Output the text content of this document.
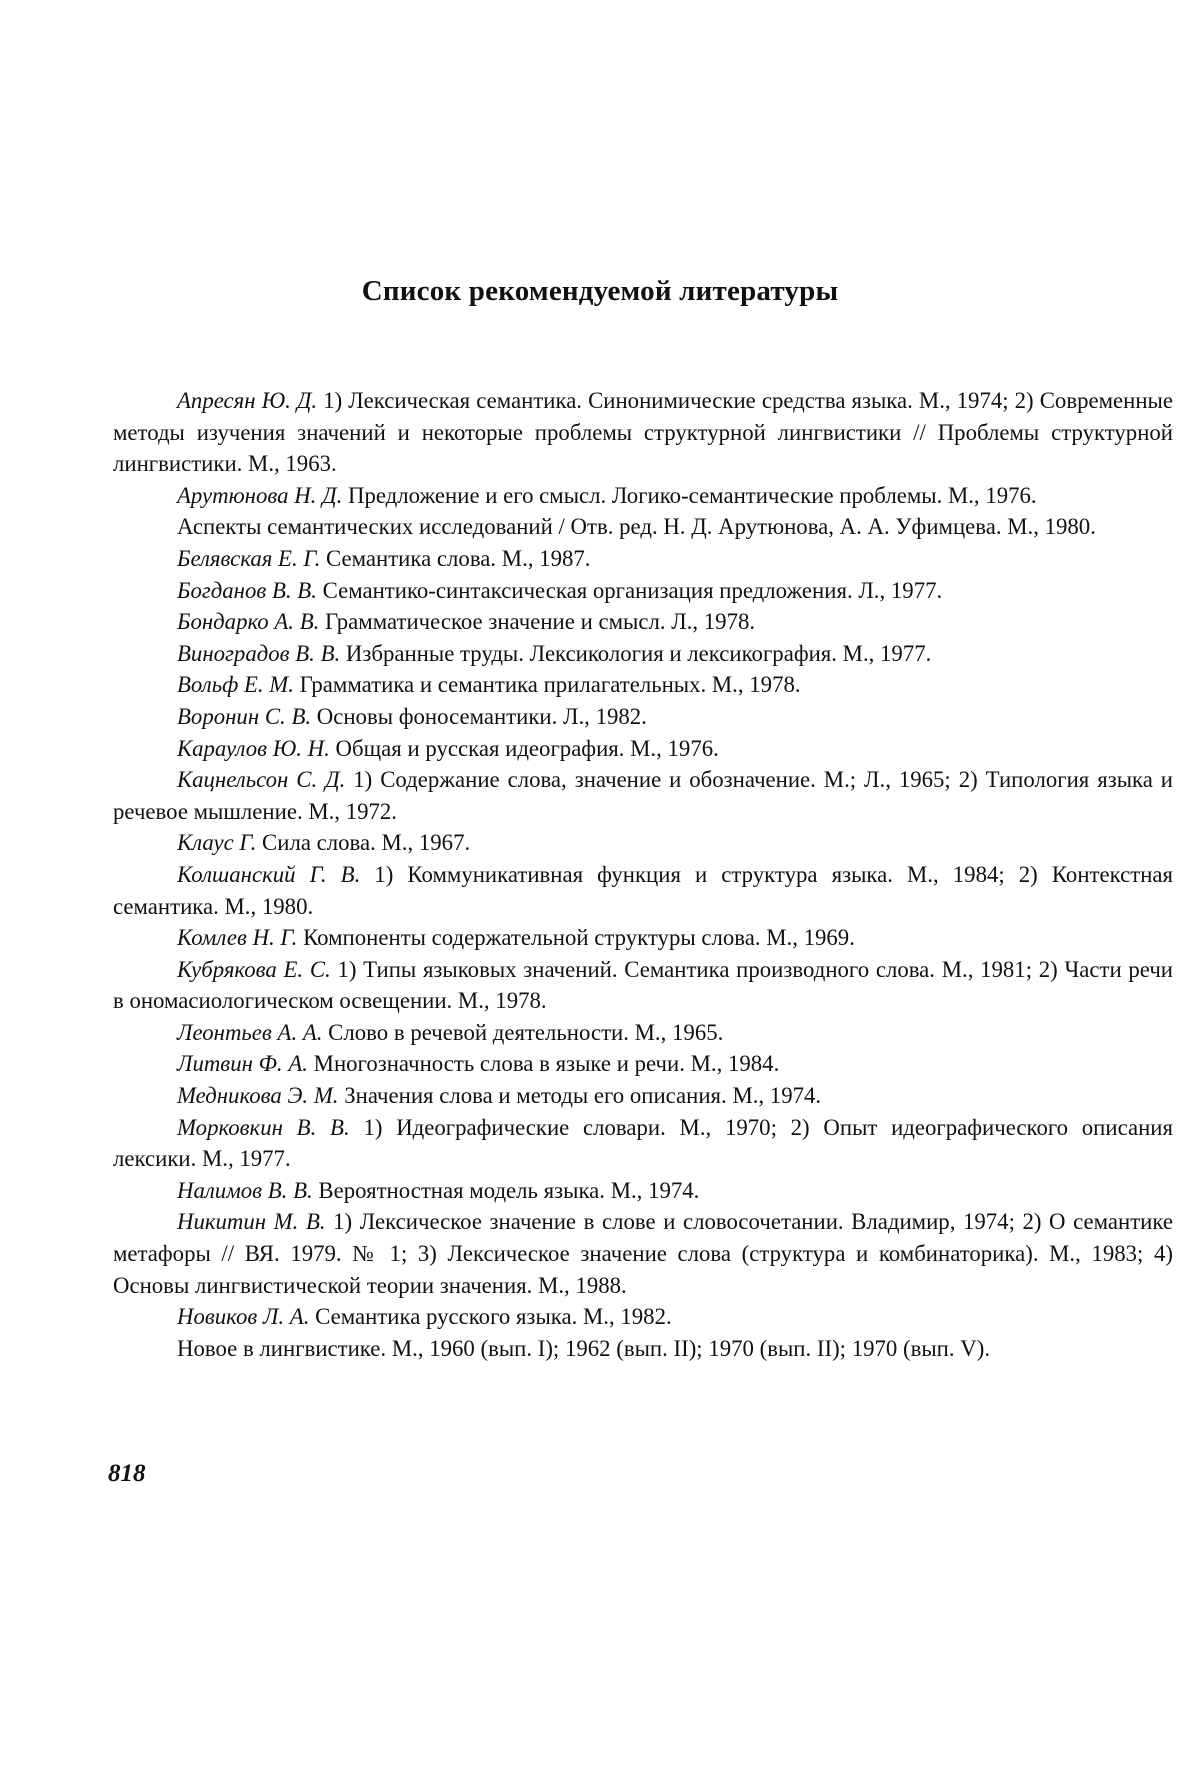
Список рекомендуемой литературы

Апресян Ю. Д. 1) Лексическая семантика. Синонимические средства языка. М., 1974; 2) Современные методы изучения значений и некоторые проблемы структурной лингвистики // Проблемы структурной лингвистики. М., 1963.

Арутюнова Н. Д. Предложение и его смысл. Логико-семантические проблемы. М., 1976.

Аспекты семантических исследований / Отв. ред. Н. Д. Арутюнова, А. А. Уфимцева. М., 1980.

Белявская Е. Г. Семантика слова. М., 1987.

Богданов В. В. Семантико-синтаксическая организация предложения. Л., 1977.

Бондарко А. В. Грамматическое значение и смысл. Л., 1978.

Виноградов В. В. Избранные труды. Лексикология и лексикография. М., 1977.

Вольф Е. М. Грамматика и семантика прилагательных. М., 1978.

Воронин С. В. Основы фоносемантики. Л., 1982.

Караулов Ю. Н. Общая и русская идеография. М., 1976.

Кацнельсон С. Д. 1) Содержание слова, значение и обозначение. М.; Л., 1965; 2) Типология языка и речевое мышление. М., 1972.

Клаус Г. Сила слова. М., 1967.

Колшанский Г. В. 1) Коммуникативная функция и структура языка. М., 1984; 2) Контекстная семантика. М., 1980.

Комлев Н. Г. Компоненты содержательной структуры слова. М., 1969.

Кубрякова Е. С. 1) Типы языковых значений. Семантика производного слова. М., 1981; 2) Части речи в ономасиологическом освещении. М., 1978.

Леонтьев А. А. Слово в речевой деятельности. М., 1965.

Литвин Ф. А. Многозначность слова в языке и речи. М., 1984.

Медникова Э. М. Значения слова и методы его описания. М., 1974.

Морковкин В. В. 1) Идеографические словари. М., 1970; 2) Опыт идеографического описания лексики. М., 1977.

Налимов В. В. Вероятностная модель языка. М., 1974.

Никитин М. В. 1) Лексическое значение в слове и словосочетании. Владимир, 1974; 2) О семантике метафоры // ВЯ. 1979. № 1; 3) Лексическое значение слова (структура и комбинаторика). М., 1983; 4) Основы лингвистической теории значения. М., 1988.

Новиков Л. А. Семантика русского языка. М., 1982.

Новое в лингвистике. М., 1960 (вып. I); 1962 (вып. II); 1970 (вып. II); 1970 (вып. V).

818
